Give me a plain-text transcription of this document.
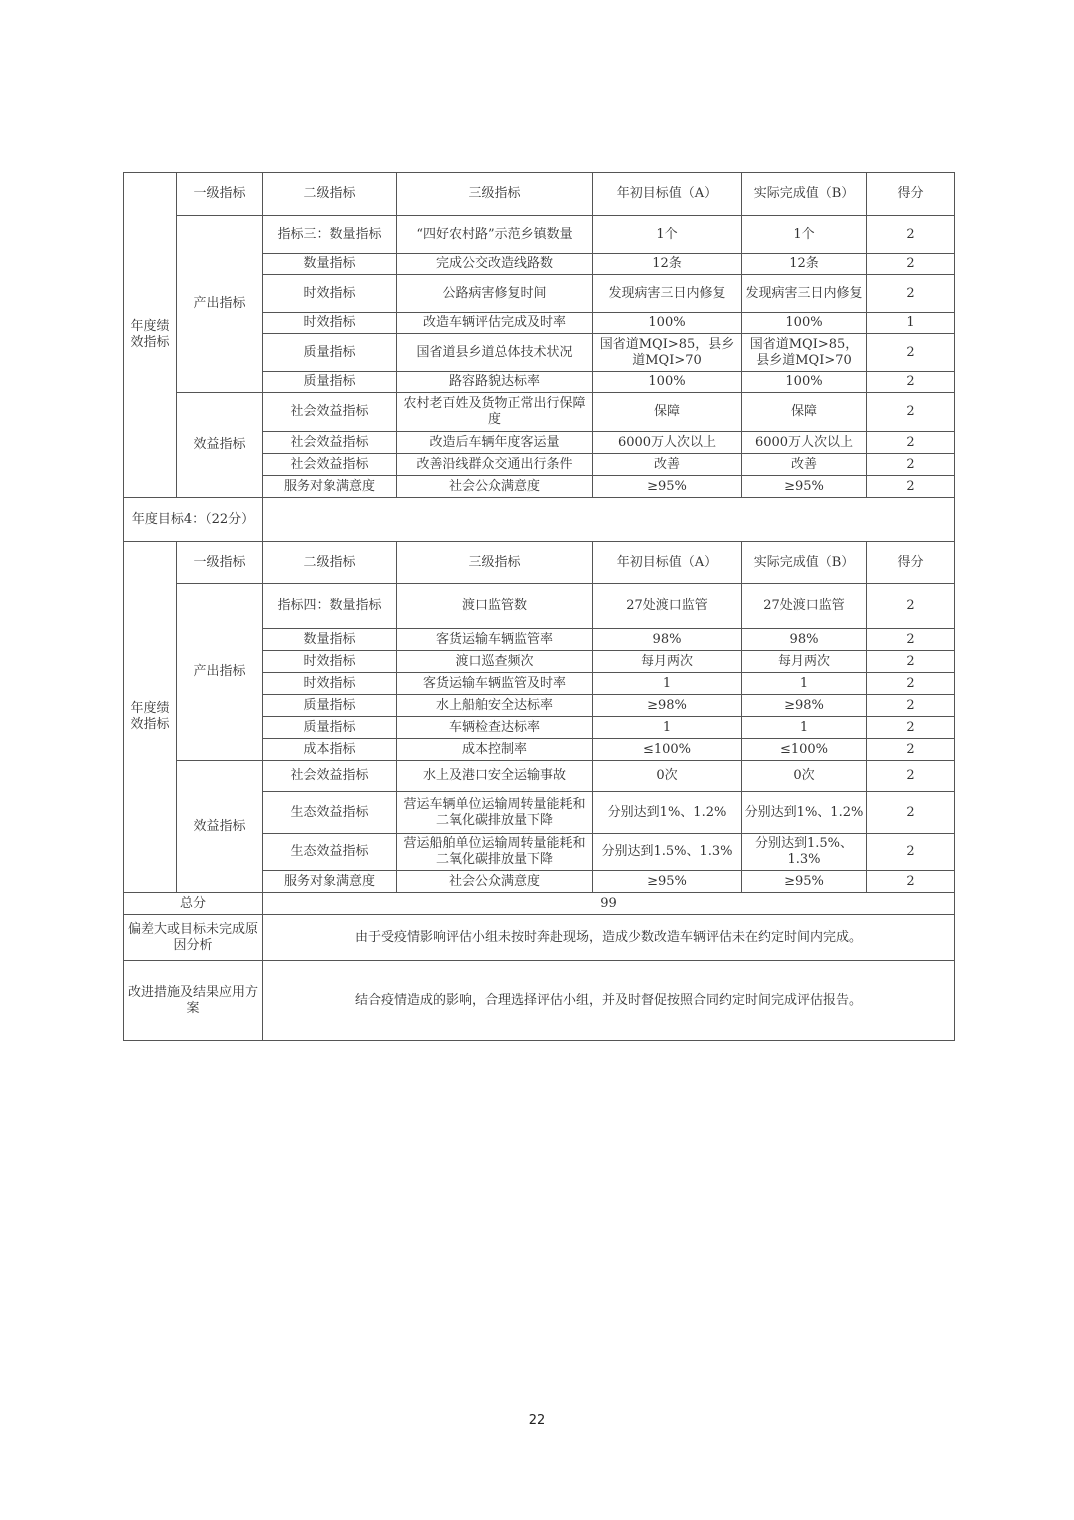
年度绩效指标	一级指标	二级指标	三级指标	年初目标值（A）	实际完成值（B）	得分
	产出指标	指标三：数量指标	“四好农村路”示范乡镇数量	1个	1个	2
		数量指标	完成公交改造线路数	12条	12条	2
		时效指标	公路病害修复时间	发现病害三日内修复	发现病害三日内修复	2
		时效指标	改造车辆评估完成及时率	100%	100%	1
		质量指标	国省道县乡道总体技术状况	国省道MQI>85，县乡道MQI>70	国省道MQI>85，县乡道MQI>70	2
		质量指标	路容路貌达标率	100%	100%	2
	效益指标	社会效益指标	农村老百姓及货物正常出行保障度	保障	保障	2
		社会效益指标	改造后车辆年度客运量	6000万人次以上	6000万人次以上	2
		社会效益指标	改善沿线群众交通出行条件	改善	改善	2
		服务对象满意度	社会公众满意度	≥95%	≥95%	2
年度目标4：（22分）						
年度绩效指标	一级指标	二级指标	三级指标	年初目标值（A）	实际完成值（B）	得分
	产出指标	指标四：数量指标	渡口监管数	27处渡口监管	27处渡口监管	2
		数量指标	客货运输车辆监管率	98%	98%	2
		时效指标	渡口巡查频次	每月两次	每月两次	2
		时效指标	客货运输车辆监管及时率	1	1	2
		质量指标	水上船舶安全达标率	≥98%	≥98%	2
		质量指标	车辆检查达标率	1	1	2
		成本指标	成本控制率	≤100%	≤100%	2
	效益指标	社会效益指标	水上及港口安全运输事故	0次	0次	2
		生态效益指标	营运车辆单位运输周转量能耗和二氧化碳排放量下降	分别达到1%、1.2%	分别达到1%、1.2%	2
		生态效益指标	营运船舶单位运输周转量能耗和二氧化碳排放量下降	分别达到1.5%、1.3%	分别达到1.5%、1.3%	2
		服务对象满意度	社会公众满意度	≥95%	≥95%	2
总分		99				
偏差大或目标未完成原因分析		由于受疫情影响评估小组未按时奔赴现场，造成少数改造车辆评估未在约定时间内完成。				
改进措施及结果应用方案		结合疫情造成的影响，合理选择评估小组，并及时督促按照合同约定时间完成评估报告。				
22
